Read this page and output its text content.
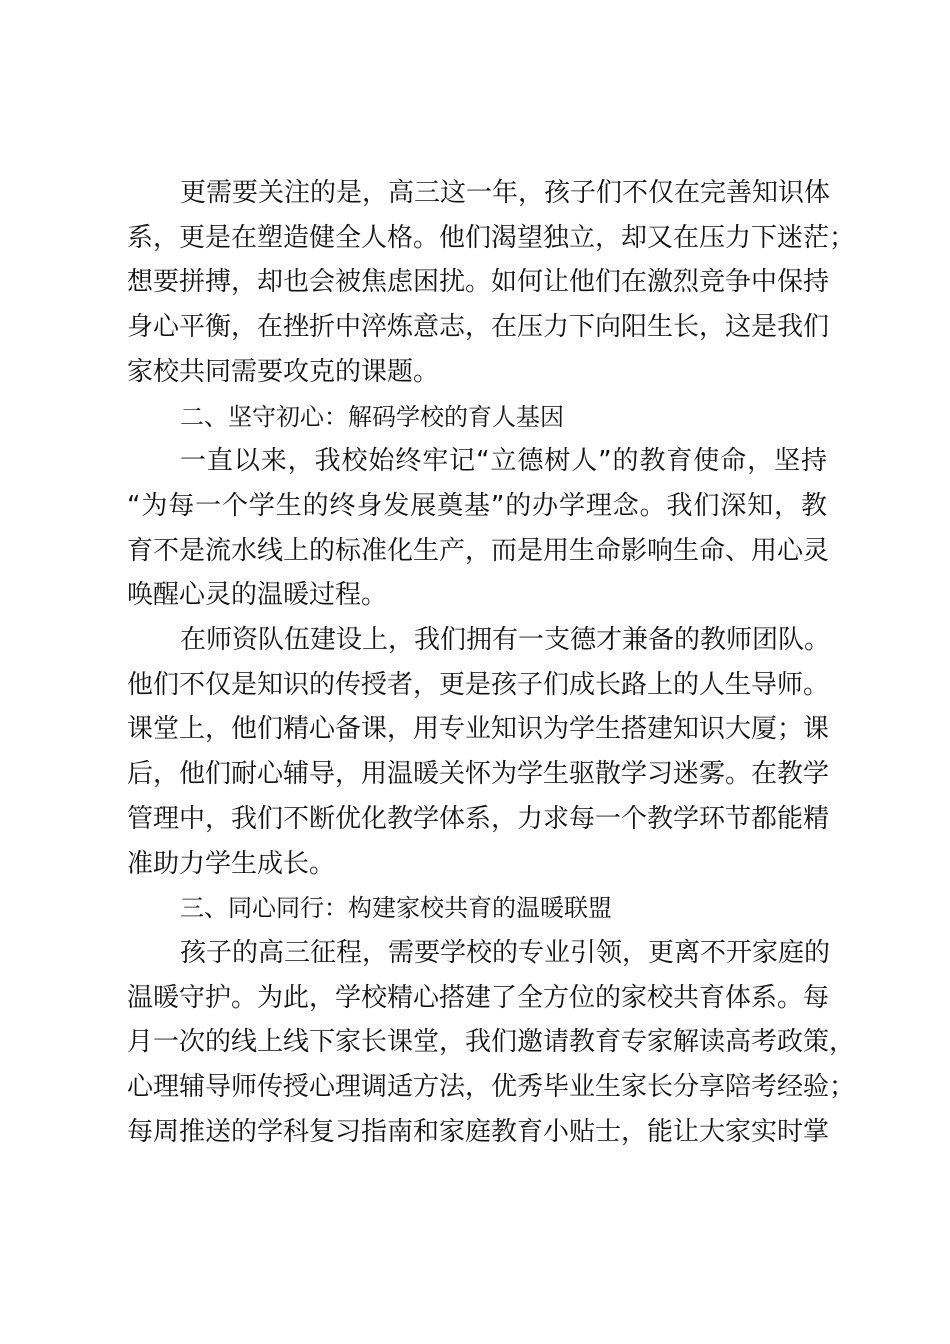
更需要关注的是，高三这一年，孩子们不仅在完善知识体
系，更是在塑造健全人格。他们渴望独立，却又在压力下迷茫；
想要拼搏，却也会被焦虑困扰。如何让他们在激烈竞争中保持
身心平衡，在挫折中淬炼意志，在压力下向阳生长，这是我们
家校共同需要攻克的课题。
二、坚守初心：解码学校的育人基因
一直以来，我校始终牢记“立德树人”的教育使命，坚持
“为每一个学生的终身发展奠基”的办学理念。我们深知，教
育不是流水线上的标准化生产，而是用生命影响生命、用心灵
唤醒心灵的温暖过程。
在师资队伍建设上，我们拥有一支德才兼备的教师团队。
他们不仅是知识的传授者，更是孩子们成长路上的人生导师。
课堂上，他们精心备课，用专业知识为学生搭建知识大厦；课
后，他们耐心辅导，用温暖关怀为学生驱散学习迷雾。在教学
管理中，我们不断优化教学体系，力求每一个教学环节都能精
准助力学生成长。
三、同心同行：构建家校共育的温暖联盟
孩子的高三征程，需要学校的专业引领，更离不开家庭的
温暖守护。为此，学校精心搭建了全方位的家校共育体系。每
月一次的线上线下家长课堂，我们邀请教育专家解读高考政策，
心理辅导师传授心理调适方法，优秀毕业生家长分享陪考经验；
每周推送的学科复习指南和家庭教育小贴士，能让大家实时掌
